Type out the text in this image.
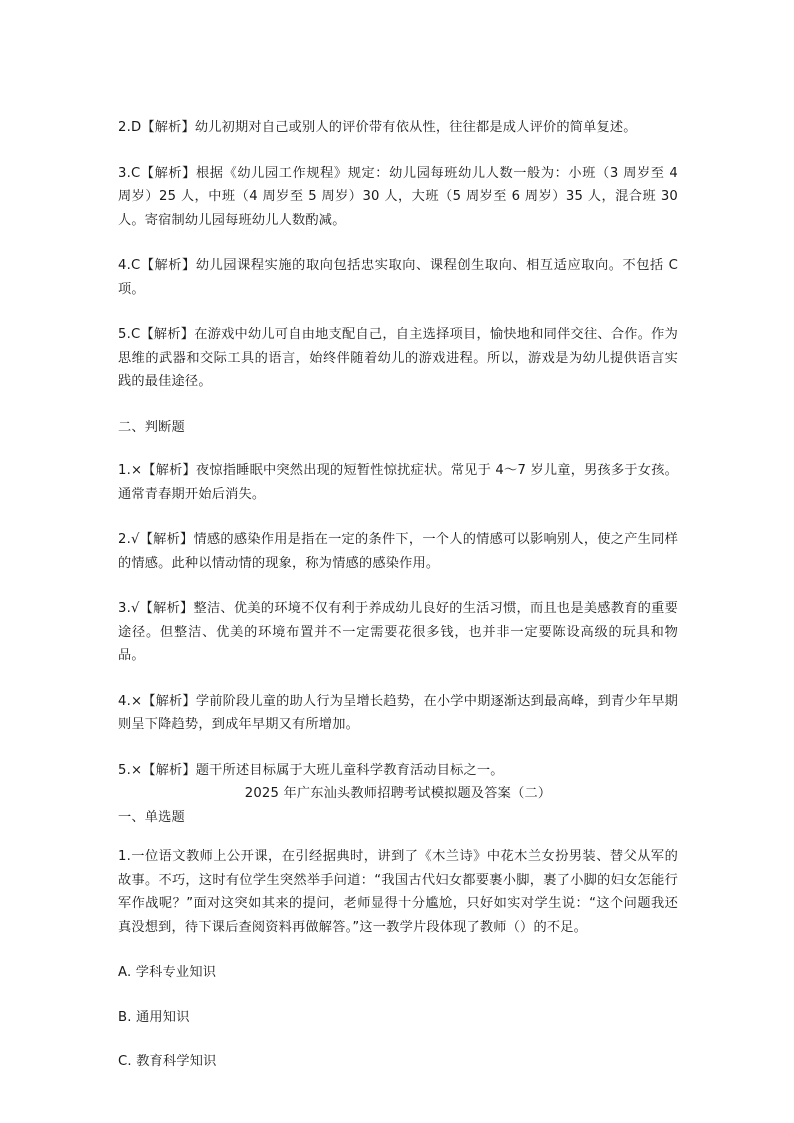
2.D【解析】幼儿初期对自己或别人的评价带有依从性，往往都是成人评价的简单复述。

3.C【解析】根据《幼儿园工作规程》规定：幼儿园每班幼儿人数一般为：小班（3 周岁至 4 周岁）25 人，中班（4 周岁至 5 周岁）30 人，大班（5 周岁至 6 周岁）35 人，混合班 30 人。寄宿制幼儿园每班幼儿人数酌减。

4.C【解析】幼儿园课程实施的取向包括忠实取向、课程创生取向、相互适应取向。不包括 C 项。

5.C【解析】在游戏中幼儿可自由地支配自己，自主选择项目，愉快地和同伴交往、合作。作为思维的武器和交际工具的语言，始终伴随着幼儿的游戏进程。所以，游戏是为幼儿提供语言实践的最佳途径。

二、判断题

1.×【解析】夜惊指睡眠中突然出现的短暂性惊扰症状。常见于 4～7 岁儿童，男孩多于女孩。通常青春期开始后消失。

2.√【解析】情感的感染作用是指在一定的条件下，一个人的情感可以影响别人，使之产生同样的情感。此种以情动情的现象，称为情感的感染作用。

3.√【解析】整洁、优美的环境不仅有利于养成幼儿良好的生活习惯，而且也是美感教育的重要途径。但整洁、优美的环境布置并不一定需要花很多钱，也并非一定要陈设高级的玩具和物品。

4.×【解析】学前阶段儿童的助人行为呈增长趋势，在小学中期逐渐达到最高峰，到青少年早期则呈下降趋势，到成年早期又有所增加。

5.×【解析】题干所述目标属于大班儿童科学教育活动目标之一。

2025 年广东汕头教师招聘考试模拟题及答案（二）

一、单选题

1.一位语文教师上公开课，在引经据典时，讲到了《木兰诗》中花木兰女扮男装、替父从军的故事。不巧，这时有位学生突然举手问道：“我国古代妇女都要裹小脚，裹了小脚的妇女怎能行军作战呢？”面对这突如其来的提问，老师显得十分尴尬，只好如实对学生说：“这个问题我还真没想到，待下课后查阅资料再做解答。”这一教学片段体现了教师（）的不足。

A. 学科专业知识

B. 通用知识

C. 教育科学知识
